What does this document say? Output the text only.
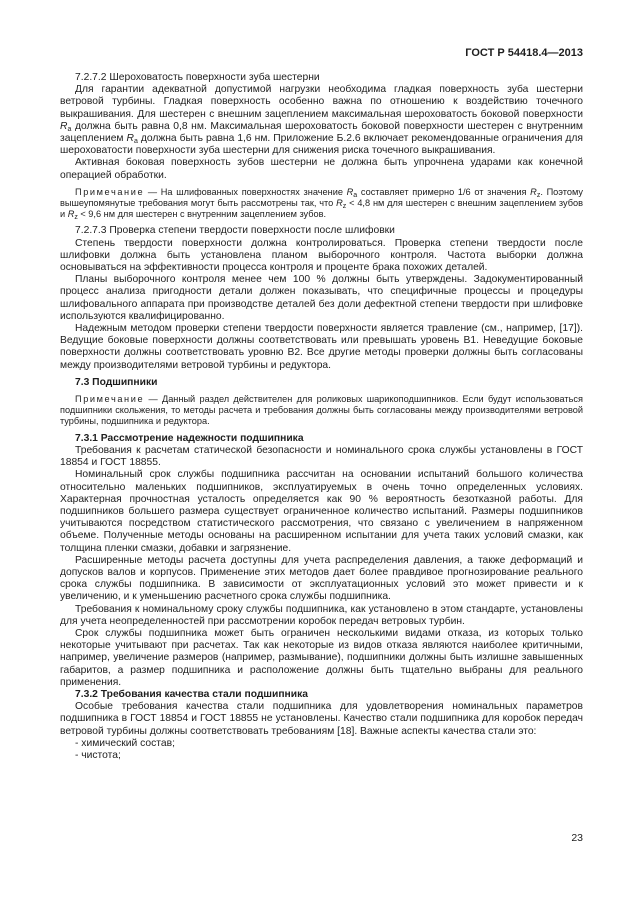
ГОСТ Р 54418.4—2013

7.2.7.2 Шероховатость поверхности зуба шестерни

Для гарантии адекватной допустимой нагрузки необходима гладкая поверхность зуба шестерни ветровой турбины. Гладкая поверхность особенно важна по отношению к воздействию точечного выкрашивания. Для шестерен с внешним зацеплением максимальная шероховатость боковой поверхности $R_a$ должна быть равна 0,8 нм. Максимальная шероховатость боковой поверхности шестерен с внутренним зацеплением $R_a$ должна быть равна 1,6 нм. Приложение Б.2.6 включает рекомендованные ограничения для шероховатости поверхности зуба шестерни для снижения риска точечного выкрашивания.

Активная боковая поверхность зубов шестерни не должна быть упрочнена ударами как конечной операцией обработки.

Примечание — На шлифованных поверхностях значение $R_a$ составляет примерно 1/6 от значения $R_z$. Поэтому вышеупомянутые требования могут быть рассмотрены так, что $R_z < 4,8$ нм для шестерен с внешним зацеплением зубов и $R_z < 9,6$ нм для шестерен с внутренним зацеплением зубов.

7.2.7.3 Проверка степени твердости поверхности после шлифовки

Степень твердости поверхности должна контролироваться. Проверка степени твердости после шлифовки должна быть установлена планом выборочного контроля. Частота выборки должна основываться на эффективности процесса контроля и проценте брака похожих деталей.

Планы выборочного контроля менее чем 100 % должны быть утверждены. Задокументированный процесс анализа пригодности детали должен показывать, что специфичные процессы и процедуры шлифовального аппарата при производстве деталей без доли дефектной степени твердости при шлифовке используются квалифицированно.

Надежным методом проверки степени твердости поверхности является травление (см., например, [17]). Ведущие боковые поверхности должны соответствовать или превышать уровень В1. Неведущие боковые поверхности должны соответствовать уровню В2. Все другие методы проверки должны быть согласованы между производителями ветровой турбины и редуктора.

7.3 Подшипники

Примечание — Данный раздел действителен для роликовых шарикоподшипников. Если будут использоваться подшипники скольжения, то методы расчета и требования должны быть согласованы между производителями ветровой турбины, подшипника и редуктора.

7.3.1 Рассмотрение надежности подшипника

Требования к расчетам статической безопасности и номинального срока службы установлены в ГОСТ 18854 и ГОСТ 18855.

Номинальный срок службы подшипника рассчитан на основании испытаний большого количества относительно маленьких подшипников, эксплуатируемых в очень точно определенных условиях. Характерная прочностная усталость определяется как 90 % вероятность безотказной работы. Для подшипников большего размера существует ограниченное количество испытаний. Размеры подшипников учитываются посредством статистического рассмотрения, что связано с увеличением в напряженном объеме. Полученные методы основаны на расширенном испытании для учета таких условий смазки, как толщина пленки смазки, добавки и загрязнение.

Расширенные методы расчета доступны для учета распределения давления, а также деформаций и допусков валов и корпусов. Применение этих методов дает более правдивое прогнозирование реального срока службы подшипника. В зависимости от эксплуатационных условий это может привести и к увеличению, и к уменьшению расчетного срока службы подшипника.

Требования к номинальному сроку службы подшипника, как установлено в этом стандарте, установлены для учета неопределенностей при рассмотрении коробок передач ветровых турбин.

Срок службы подшипника может быть ограничен несколькими видами отказа, из которых только некоторые учитывают при расчетах. Так как некоторые из видов отказа являются наиболее критичными, например, увеличение размеров (например, размывание), подшипники должны быть излишне завышенных габаритов, а размер подшипника и расположение должны быть тщательно выбраны для реального применения.

7.3.2 Требования качества стали подшипника

Особые требования качества стали подшипника для удовлетворения номинальных параметров подшипника в ГОСТ 18854 и ГОСТ 18855 не установлены. Качество стали подшипника для коробок передач ветровой турбины должны соответствовать требованиям [18]. Важные аспекты качества стали это:

- химический состав;

- чистота;

23
